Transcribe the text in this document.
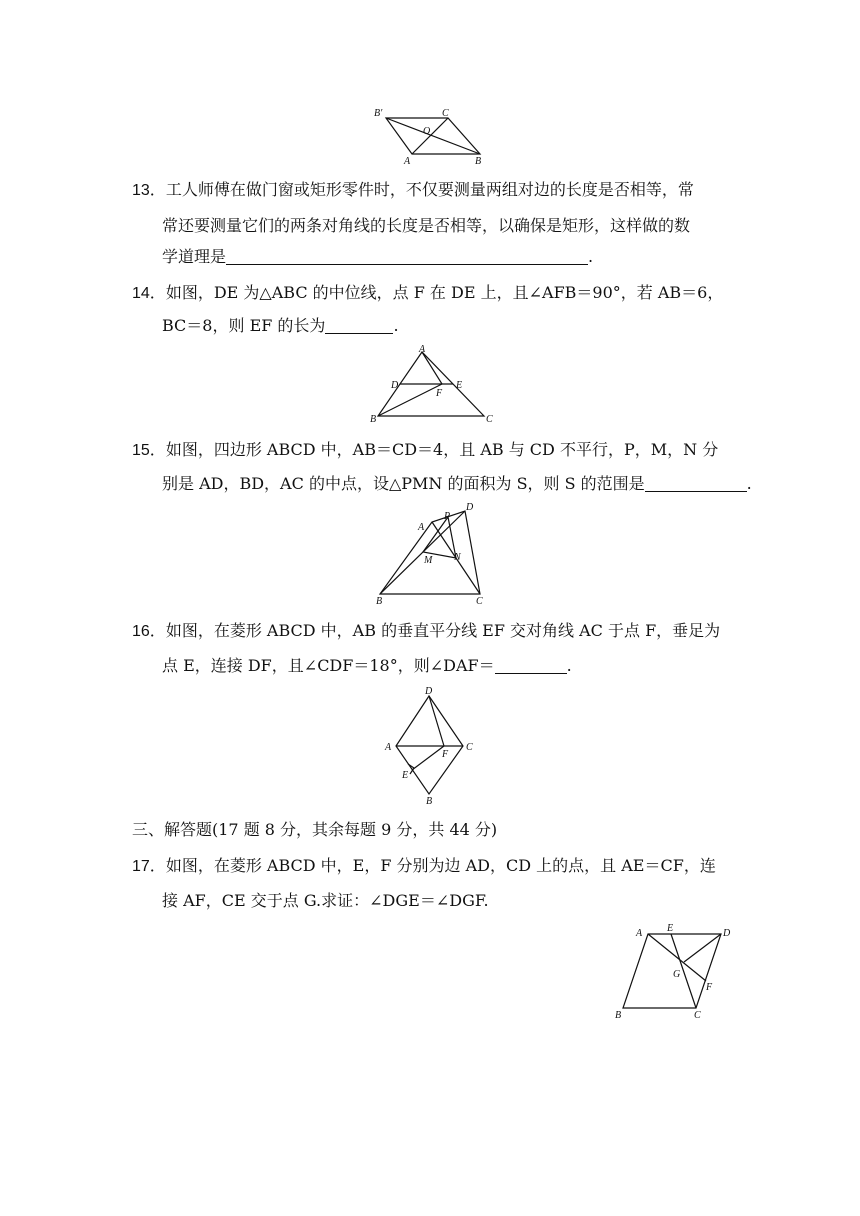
B′	C
O
A	B
13．工人师傅在做门窗或矩形零件时，不仅要测量两组对边的长度是否相等，常
常还要测量它们的两条对角线的长度是否相等，以确保是矩形，这样做的数
学道理是	.
14．如图，DE 为△ABC 的中位线，点 F 在 DE 上，且∠AFB＝90°，若 AB＝6，
BC＝8，则 EF 的长为	.
A
D	E
F
B	C
15．如图，四边形 ABCD 中，AB＝CD＝4，且 AB 与 CD 不平行，P，M，N 分
别是 AD，BD，AC 的中点，设△PMN 的面积为 S，则 S 的范围是	.
A
P
D
M N
B	C
16．如图，在菱形 ABCD 中，AB 的垂直平分线 EF 交对角线 AC 于点 F，垂足为
点 E，连接 DF，且∠CDF＝18°，则∠DAF＝	.
D
A
F
C
E
B
三、解答题(17 题 8 分，其余每题 9 分，共 44 分)
17．如图，在菱形 ABCD 中，E，F 分别为边 AD，CD 上的点，且 AE＝CF，连
接 AF，CE 交于点 G.求证：∠DGE＝∠DGF.
A E	D
G
F
B	C
